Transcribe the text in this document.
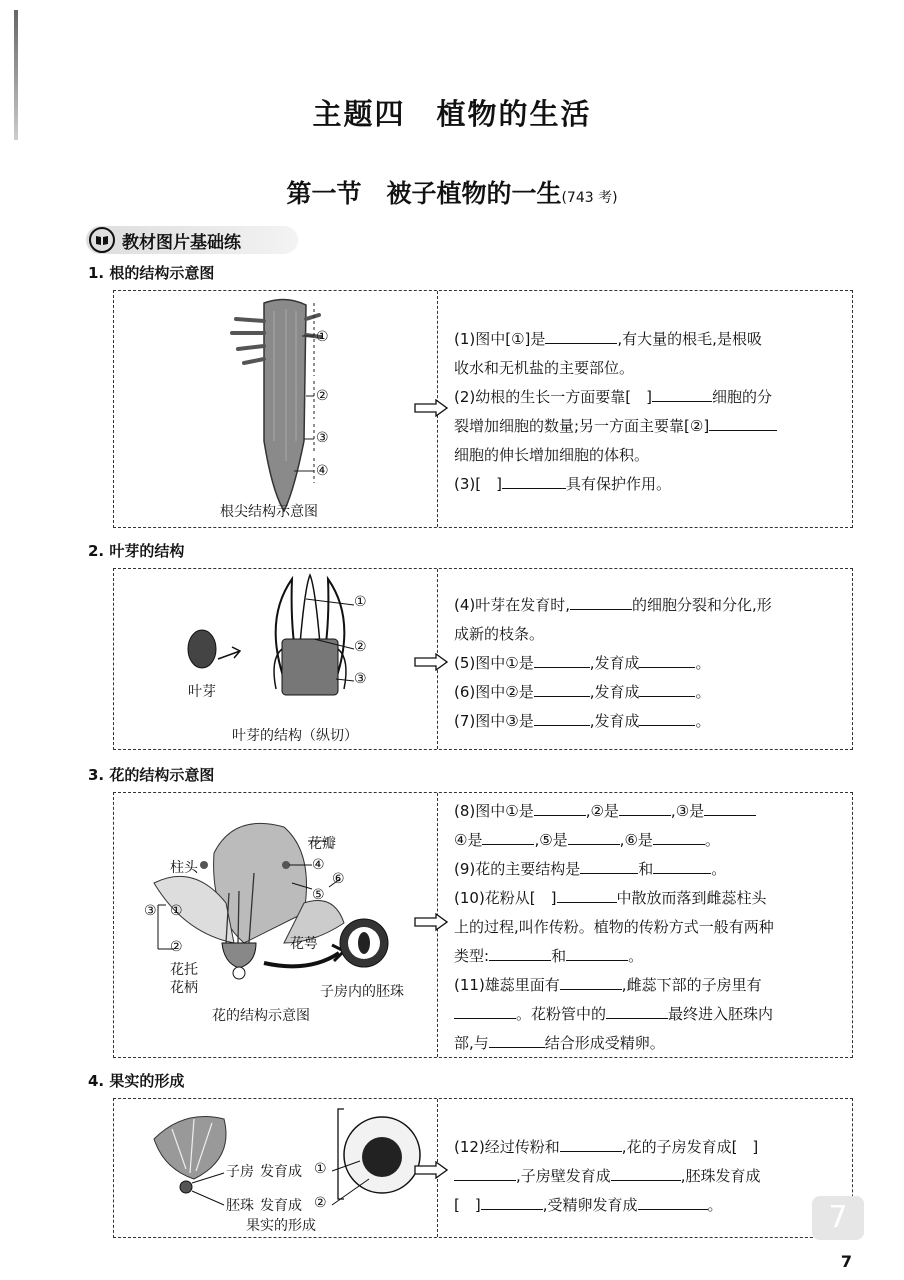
主题四　植物的生活
第一节　被子植物的一生(743 考)
教材图片基础练
1. 根的结构示意图
①
②
③
④
根尖结构示意图
(1)图中[①]是	,有大量的根毛,是根吸
收水和无机盐的主要部位。
(2)幼根的生长一方面要靠[　]	细胞的分
裂增加细胞的数量;另一方面主要靠[②]
细胞的伸长增加细胞的体积。
(3)[　]	具有保护作用。
2. 叶芽的结构
①
②
③
叶芽
叶芽的结构（纵切）
(4)叶芽在发育时,	的细胞分裂和分化,形
成新的枝条。
(5)图中①是	,发育成	。
(6)图中②是	,发育成	。
(7)图中③是	,发育成	。
3. 花的结构示意图
花瓣
柱头	④
⑤
⑥
③ ①
②	花萼
花托
花柄	子房内的胚珠
花的结构示意图
(8)图中①是	,②是	,③是
④是	,⑤是	,⑥是	。
(9)花的主要结构是	和	。
(10)花粉从[　]	中散放而落到雌蕊柱头
上的过程,叫作传粉。植物的传粉方式一般有两种
类型:	和	。
(11)雄蕊里面有	,雌蕊下部的子房里有
。花粉管中的	最终进入胚珠内
部,与	结合形成受精卵。
4. 果实的形成
子房 发育成 ①
胚珠 发育成 ②
果实的形成
(12)经过传粉和	,花的子房发育成[　]
,子房壁发育成	,胚珠发育成
[　]	,受精卵发育成	。	7
7
